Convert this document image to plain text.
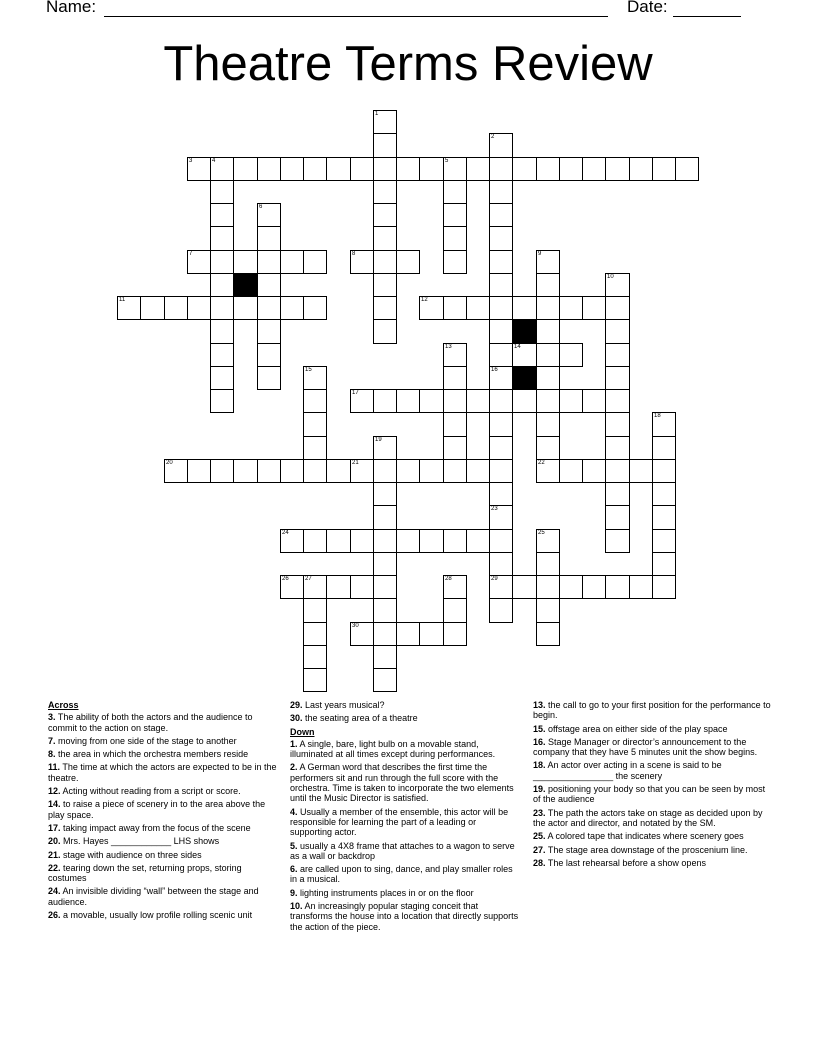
Name:	Date:
Theatre Terms Review
1
2
3	4	5
6
7	8	9
10
11	12
13	14
15	16
17
18
19
20	21	22
23
29
24	25
26	27	28
30
Across
3. The ability of both the actors and the audience to commit to the action on stage.
7. moving from one side of the stage to another
8. the area in which the orchestra members reside
11. The time at which the actors are expected to be in the theatre.
12. Acting without reading from a script or score.
14. to raise a piece of scenery in to the area above the play space.
17. taking impact away from the focus of the scene
20. Mrs. Hayes ____________ LHS shows
21. stage with audience on three sides
22. tearing down the set, returning props, storing costumes
24. An invisible dividing “wall” between the stage and audience.
26. a movable, usually low profile rolling scenic unit
29. Last years musical?
30. the seating area of a theatre
Down
1. A single, bare, light bulb on a movable stand, illuminated at all times except during performances.
2. A German word that describes the first time the performers sit and run through the full score with the orchestra. Time is taken to incorporate the two elements until the Music Director is satisfied.
4. Usually a member of the ensemble, this actor will be responsible for learning the part of a leading or supporting actor.
5. usually a 4X8 frame that attaches to a wagon to serve as a wall or backdrop
6. are called upon to sing, dance, and play smaller roles in a musical.
9. lighting instruments places in or on the floor
10. An increasingly popular staging conceit that transforms the house into a location that directly supports the action of the piece.
13. the call to go to your first position for the performance to begin.
15. offstage area on either side of the play space
16. Stage Manager or director’s announcement to the company that they have 5 minutes unit the show begins.
18. An actor over acting in a scene is said to be ________________ the scenery
19. positioning your body so that you can be seen by most of the audience
23. The path the actors take on stage as decided upon by the actor and director, and notated by the SM.
25. A colored tape that indicates where scenery goes
27. The stage area downstage of the proscenium line.
28. The last rehearsal before a show opens
